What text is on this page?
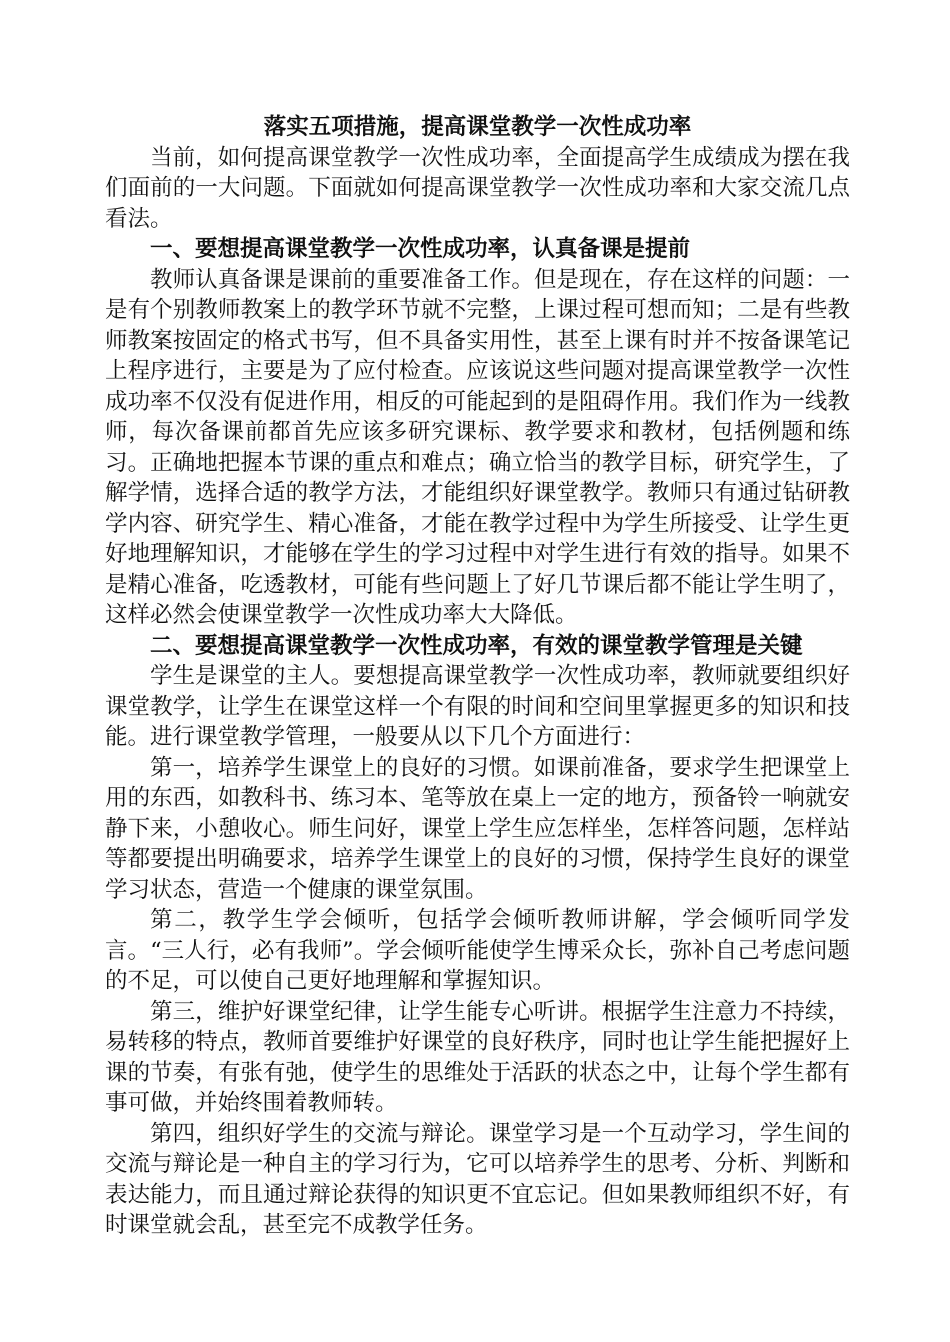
落实五项措施，提高课堂教学一次性成功率

当前，如何提高课堂教学一次性成功率，全面提高学生成绩成为摆在我们面前的一大问题。下面就如何提高课堂教学一次性成功率和大家交流几点看法。

一、要想提高课堂教学一次性成功率，认真备课是提前

教师认真备课是课前的重要准备工作。但是现在，存在这样的问题：一是有个别教师教案上的教学环节就不完整，上课过程可想而知；二是有些教师教案按固定的格式书写，但不具备实用性，甚至上课有时并不按备课笔记上程序进行，主要是为了应付检查。应该说这些问题对提高课堂教学一次性成功率不仅没有促进作用，相反的可能起到的是阻碍作用。我们作为一线教师，每次备课前都首先应该多研究课标、教学要求和教材，包括例题和练习。正确地把握本节课的重点和难点；确立恰当的教学目标，研究学生，了解学情，选择合适的教学方法，才能组织好课堂教学。教师只有通过钻研教学内容、研究学生、精心准备，才能在教学过程中为学生所接受、让学生更好地理解知识，才能够在学生的学习过程中对学生进行有效的指导。如果不是精心准备，吃透教材，可能有些问题上了好几节课后都不能让学生明了，这样必然会使课堂教学一次性成功率大大降低。

二、要想提高课堂教学一次性成功率，有效的课堂教学管理是关键

学生是课堂的主人。要想提高课堂教学一次性成功率，教师就要组织好课堂教学，让学生在课堂这样一个有限的时间和空间里掌握更多的知识和技能。进行课堂教学管理，一般要从以下几个方面进行：

第一，培养学生课堂上的良好的习惯。如课前准备，要求学生把课堂上用的东西，如教科书、练习本、笔等放在桌上一定的地方，预备铃一响就安静下来，小憩收心。师生问好，课堂上学生应怎样坐，怎样答问题，怎样站等都要提出明确要求，培养学生课堂上的良好的习惯，保持学生良好的课堂学习状态，营造一个健康的课堂氛围。

第二，教学生学会倾听，包括学会倾听教师讲解，学会倾听同学发言。“三人行，必有我师”。学会倾听能使学生博采众长，弥补自己考虑问题的不足，可以使自己更好地理解和掌握知识。

第三，维护好课堂纪律，让学生能专心听讲。根据学生注意力不持续，易转移的特点，教师首要维护好课堂的良好秩序，同时也让学生能把握好上课的节奏，有张有弛，使学生的思维处于活跃的状态之中，让每个学生都有事可做，并始终围着教师转。

第四，组织好学生的交流与辩论。课堂学习是一个互动学习，学生间的交流与辩论是一种自主的学习行为，它可以培养学生的思考、分析、判断和表达能力，而且通过辩论获得的知识更不宜忘记。但如果教师组织不好，有时课堂就会乱，甚至完不成教学任务。
